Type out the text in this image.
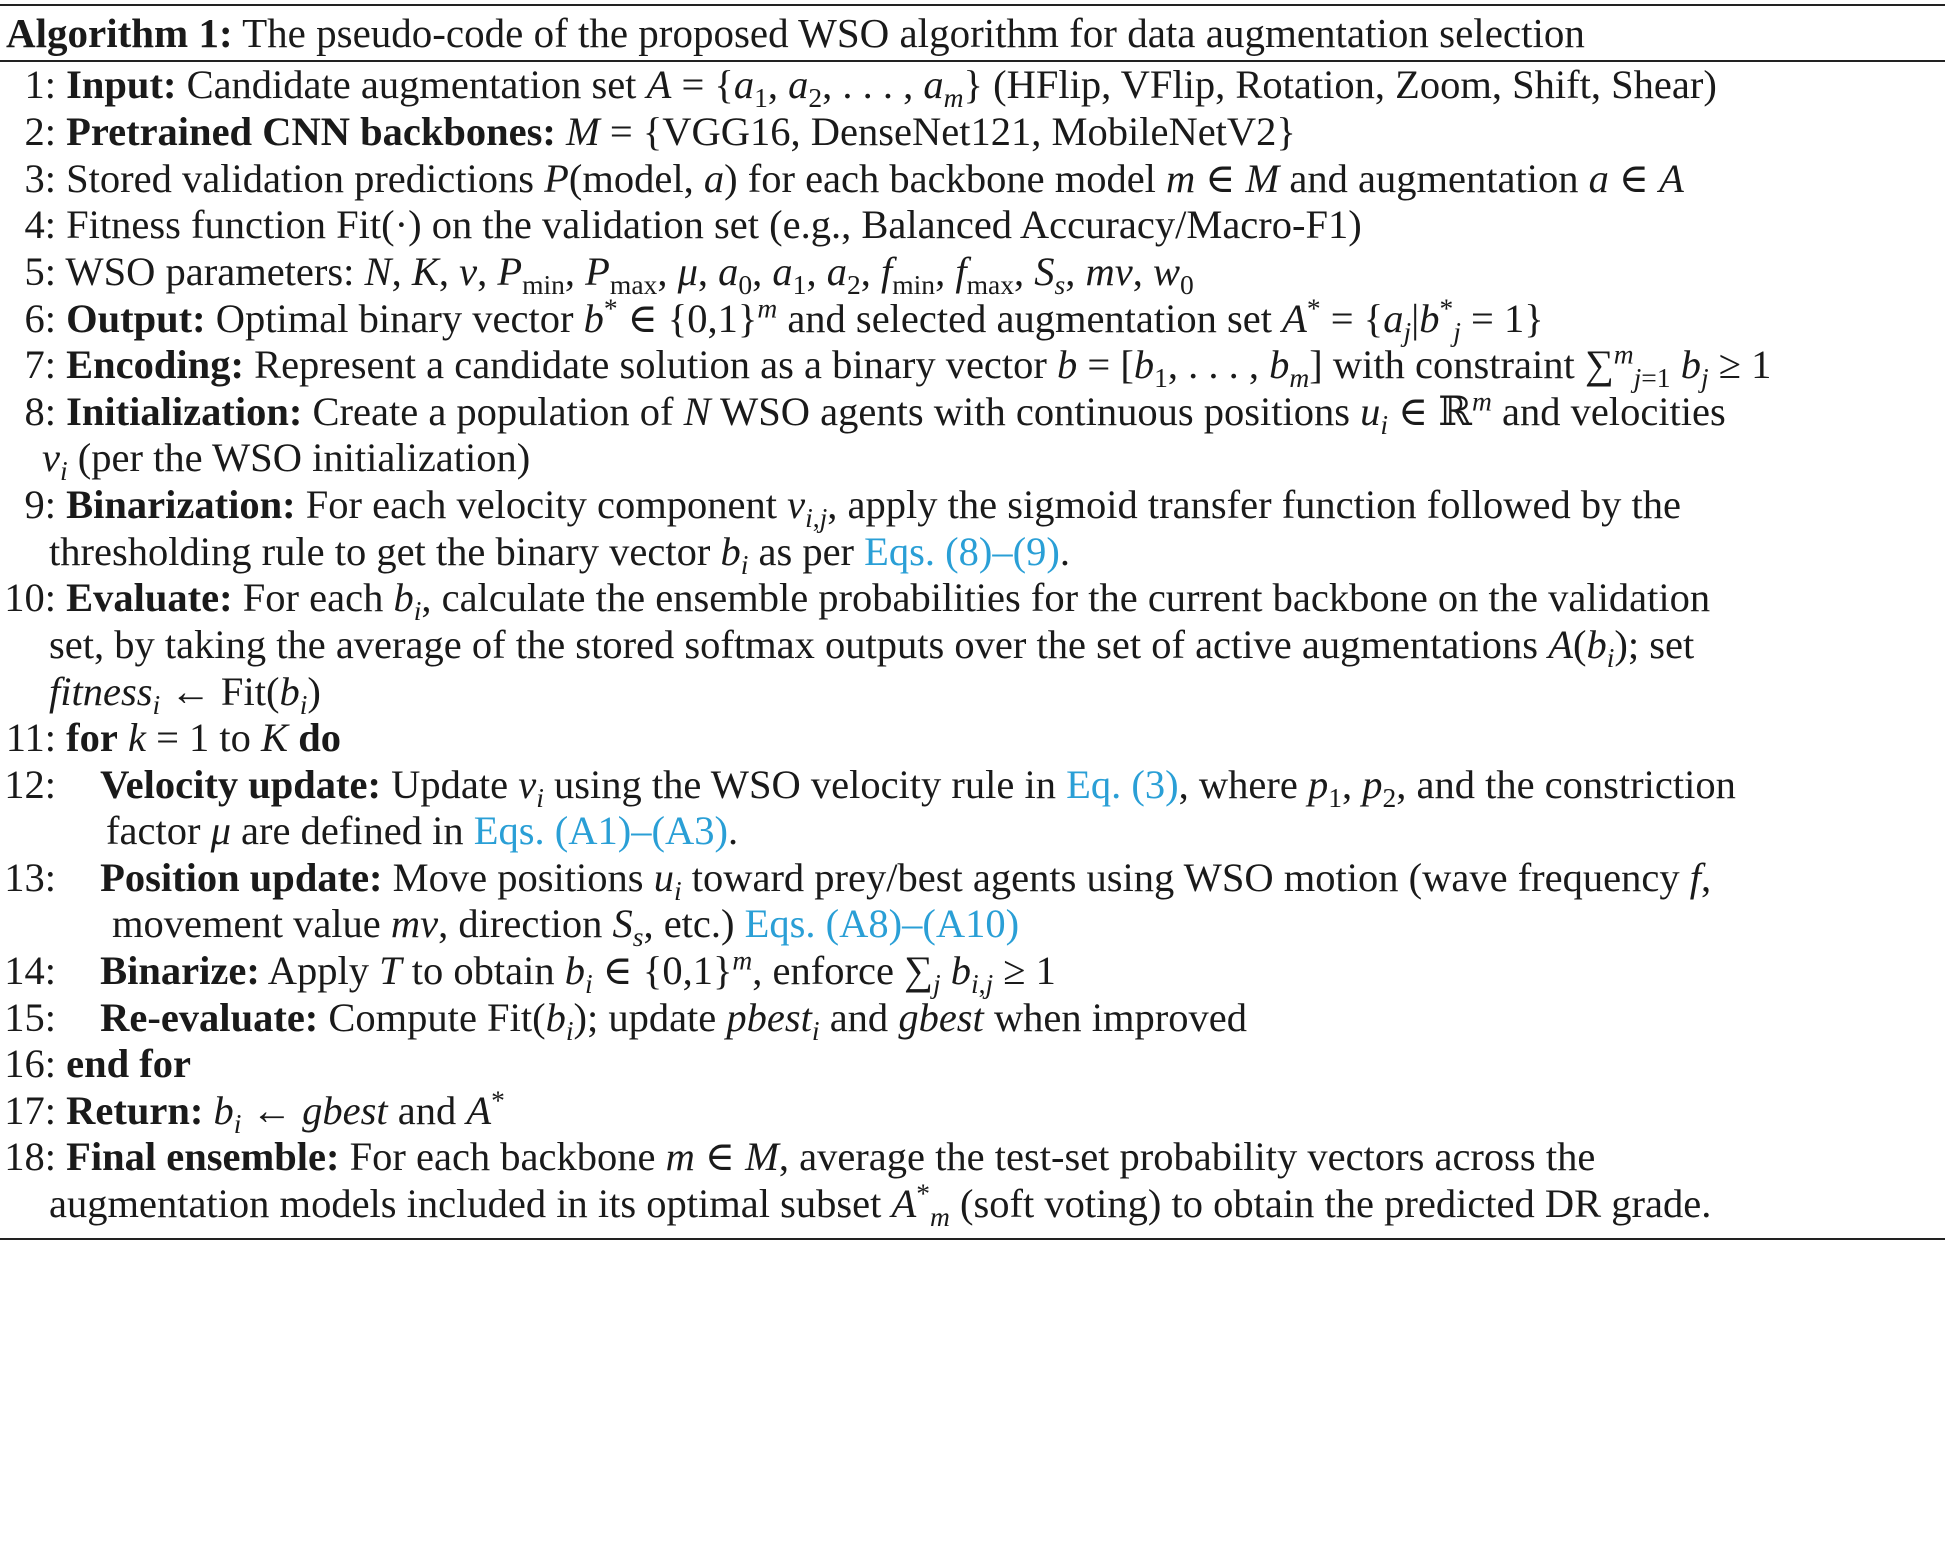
Algorithm 1: The pseudo-code of the proposed WSO algorithm for data augmentation selection
1: Input: Candidate augmentation set $A = \{a_1$, $a_2$, . . . , $a_m$} (HFlip, VFlip, Rotation, Zoom, Shift, Shear)
2: Pretrained CNN backbones: M = {VGG16, DenseNet121, MobileNetV2}
3: Stored validation predictions P(model, a) for each backbone model m ∈ M and augmentation a ∈ A
4: Fitness function Fit(·) on the validation set (e.g., Balanced Accuracy/Macro-F1)
5: WSO parameters: N, K, ν, $P_{min}$, $P_{max}$, μ, $a_0$, $a_1$, $a_2$, $f_{min}$, $f_{max}$, $S_s$, mv, $w_0$
6: Output: Optimal binary vector b* ∈ $\{0,1\}^m$ and selected augmentation set $A^* = \{a_j|b^*_j = 1\}$
7: Encoding: Represent a candidate solution as a binary vector $b = [b_1$, . . . , $b_m$] with constraint ∑$^m_{j=1}$ $b_j \ge 1$
8: Initialization: Create a population of N WSO agents with continuous positions $u_i$ ∈ ℝ$^m$ and velocities
$\nu_i$ (per the WSO initialization)
9: Binarization: For each velocity component $\nu_{i,j}$, apply the sigmoid transfer function followed by the
thresholding rule to get the binary vector $b_i$ as per Eqs. (8)–(9).
10: Evaluate: For each $b_i$, calculate the ensemble probabilities for the current backbone on the validation
set, by taking the average of the stored softmax outputs over the set of active augmentations $A(b_i)$; set
fitness$_i$ ← $Fit(b_i)$
11: for k = 1 to K do
12: Velocity update: Update $\nu_i$ using the WSO velocity rule in Eq. (3), where $p_1$, $p_2$, and the constriction
factor μ are defined in Eqs. (A1)–(A3).
13: Position update: Move positions $u_i$ toward prey/best agents using WSO motion (wave frequency f,
movement value mv, direction $S_s$, etc.) Eqs. (A8)–(A10)
14: Binarize: Apply T to obtain $b_i$ ∈ $\{0,1\}^m$, enforce $\sum_j$ $b_{i,j} \ge 1$
15: Re-evaluate: Compute $Fit(b_i)$; update pbest$_i$ and gbest when improved
16: end for
17: Return: $b_i$ ← gbest and A*
18: Final ensemble: For each backbone m ∈ M, average the test-set probability vectors across the
augmentation models included in its optimal subset $A^*_m$ (soft voting) to obtain the predicted DR grade.
